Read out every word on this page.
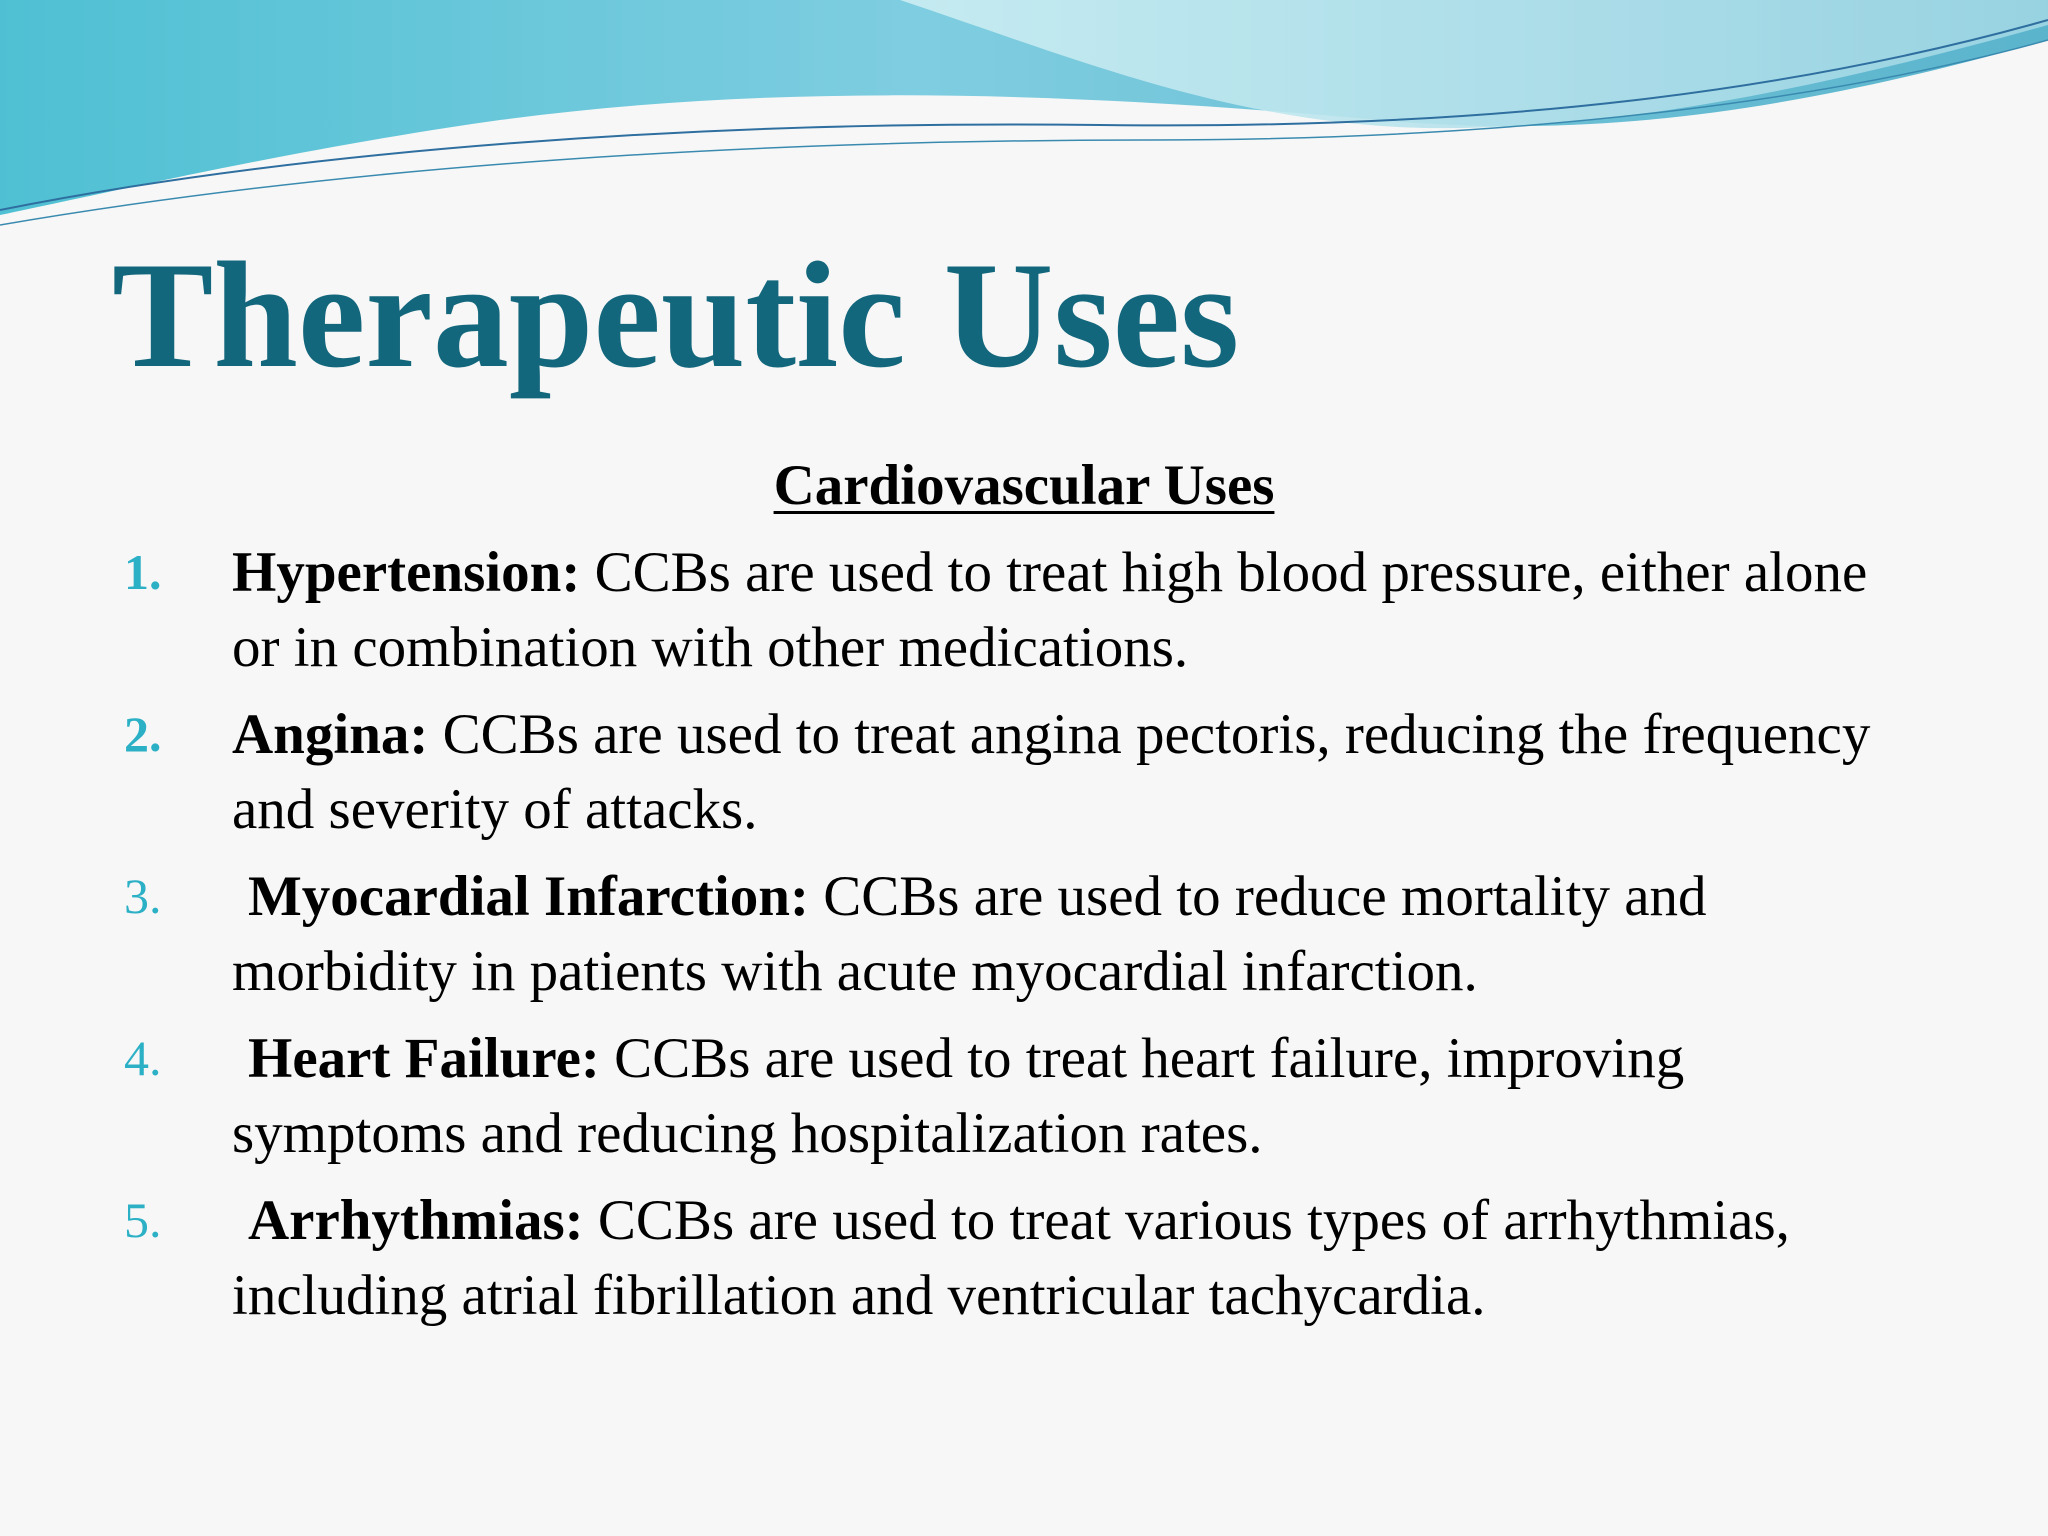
Therapeutic Uses
Cardiovascular Uses
1. Hypertension: CCBs are used to treat high blood pressure, either alone or in combination with other medications.
2. Angina: CCBs are used to treat angina pectoris, reducing the frequency and severity of attacks.
3. Myocardial Infarction: CCBs are used to reduce mortality and morbidity in patients with acute myocardial infarction.
4. Heart Failure: CCBs are used to treat heart failure, improving symptoms and reducing hospitalization rates.
5. Arrhythmias: CCBs are used to treat various types of arrhythmias, including atrial fibrillation and ventricular tachycardia.
